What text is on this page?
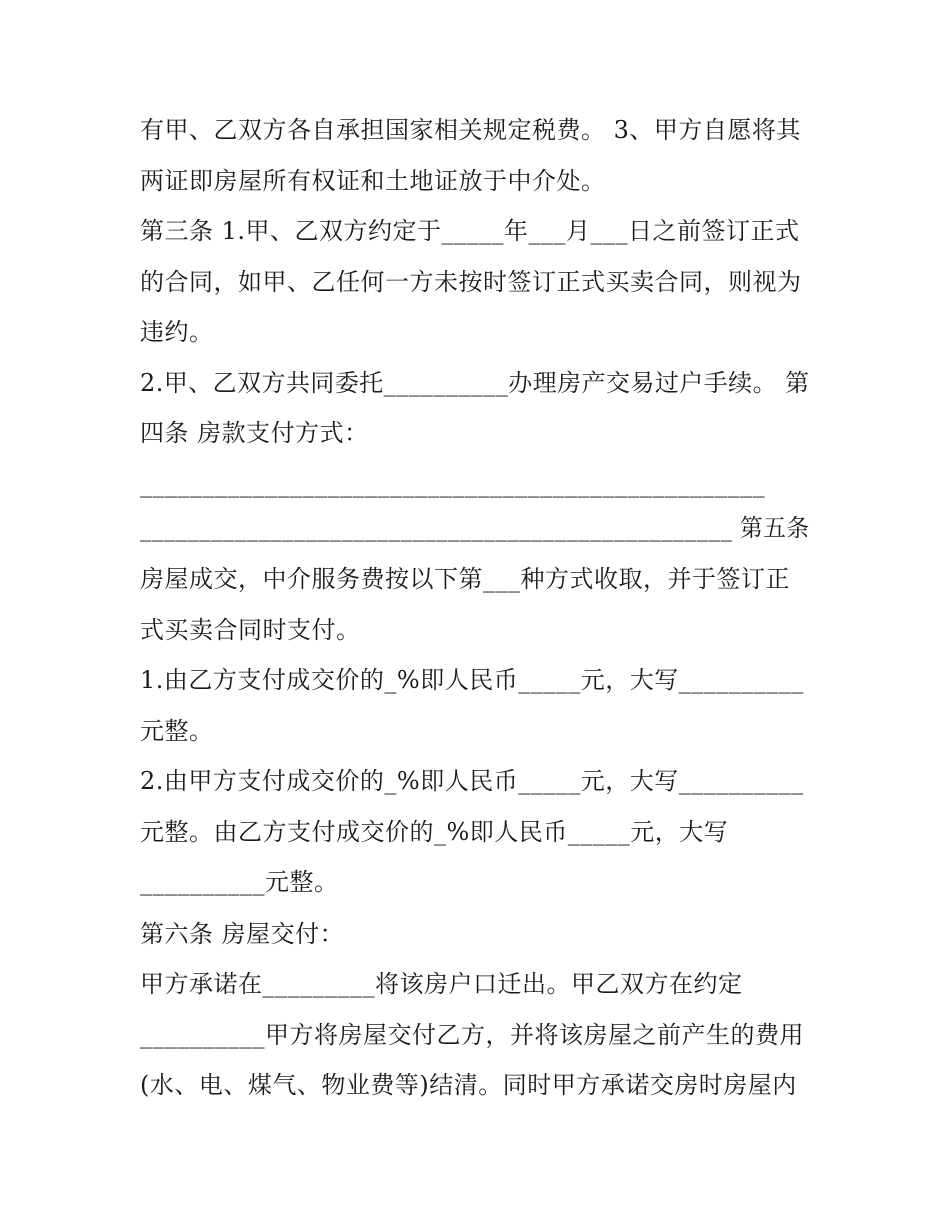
有甲、乙双方各自承担国家相关规定税费。 3、甲方自愿将其
两证即房屋所有权证和土地证放于中介处。
第三条 1.甲、乙双方约定于_____年___月___日之前签订正式
的合同，如甲、乙任何一方未按时签订正式买卖合同，则视为
违约。
2.甲、乙双方共同委托__________办理房产交易过户手续。 第
四条 房款支付方式：
__________________________________________________
__________________________________________________ 第五条
房屋成交，中介服务费按以下第___种方式收取，并于签订正
式买卖合同时支付。
1.由乙方支付成交价的_%即人民币_____元，大写__________
元整。
2.由甲方支付成交价的_%即人民币_____元，大写__________
元整。由乙方支付成交价的_%即人民币_____元，大写
__________元整。
第六条 房屋交付：
甲方承诺在_________将该房户口迁出。甲乙双方在约定
__________甲方将房屋交付乙方，并将该房屋之前产生的费用
(水、电、煤气、物业费等)结清。同时甲方承诺交房时房屋内
